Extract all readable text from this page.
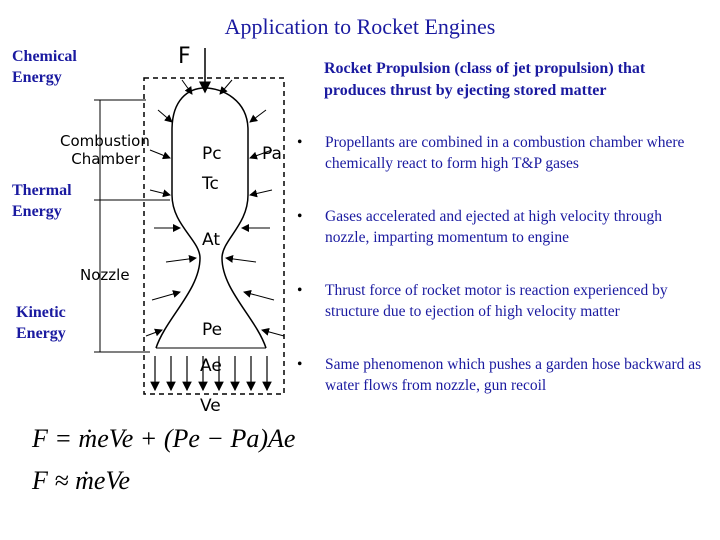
Application to Rocket Engines
Chemical
Energy
Thermal
Energy
Kinetic
Energy
F
Combustion
Chamber
Nozzle
Pc
Tc
Pa
At
Pe
Ae
Ve
F = ṁeVe + (Pe − Pa)Ae
F ≈ ṁeVe
Rocket Propulsion (class of jet propulsion) that produces thrust by ejecting stored matter
• Propellants are combined in a combustion chamber where chemically react to form high T&P gases
• Gases accelerated and ejected at high velocity through nozzle, imparting momentum to engine
• Thrust force of rocket motor is reaction experienced by structure due to ejection of high velocity matter
• Same phenomenon which pushes a garden hose backward as water flows from nozzle, gun recoil
